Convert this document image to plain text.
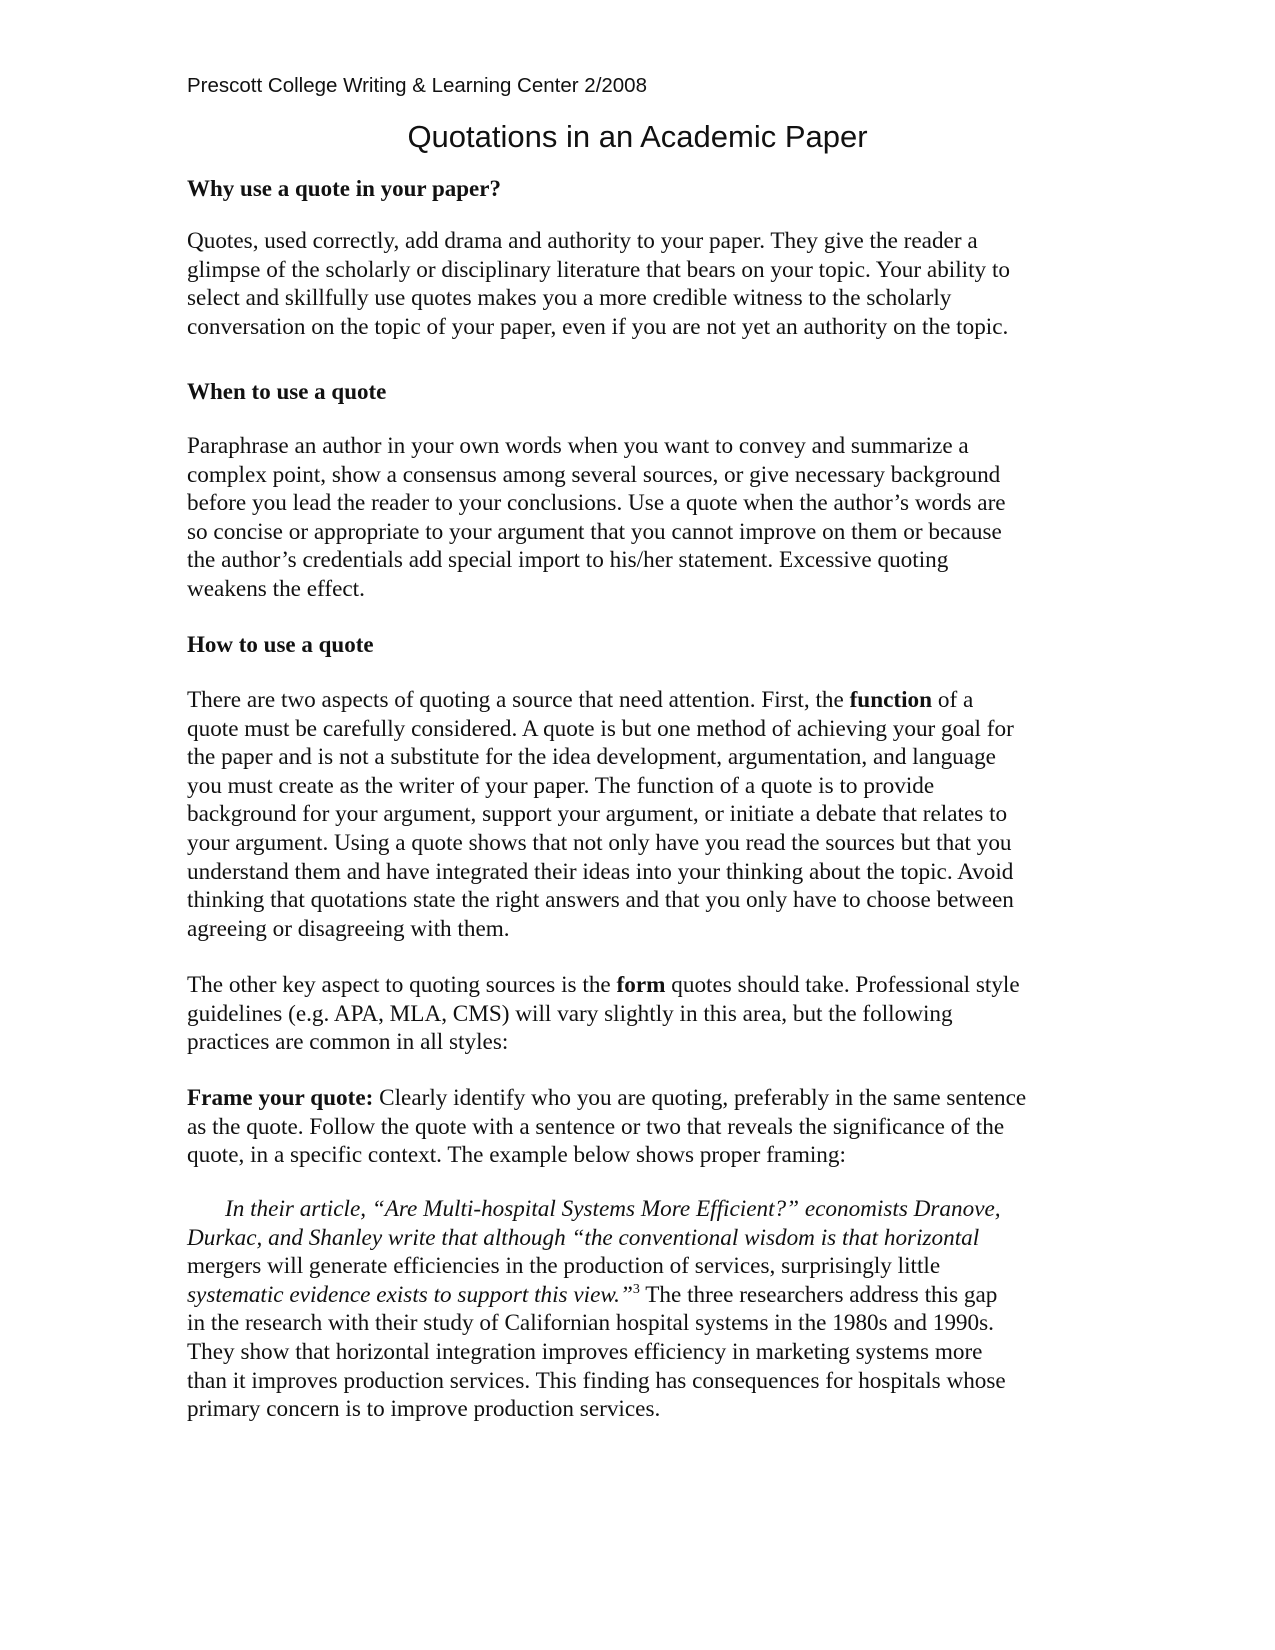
Prescott College Writing & Learning Center 2/2008
Quotations in an Academic Paper
Why use a quote in your paper?

Quotes, used correctly, add drama and authority to your paper. They give the reader a
glimpse of the scholarly or disciplinary literature that bears on your topic. Your ability to
select and skillfully use quotes makes you a more credible witness to the scholarly
conversation on the topic of your paper, even if you are not yet an authority on the topic.

When to use a quote

Paraphrase an author in your own words when you want to convey and summarize a
complex point, show a consensus among several sources, or give necessary background
before you lead the reader to your conclusions. Use a quote when the author’s words are
so concise or appropriate to your argument that you cannot improve on them or because
the author’s credentials add special import to his/her statement. Excessive quoting
weakens the effect.

How to use a quote

There are two aspects of quoting a source that need attention. First, the function of a
quote must be carefully considered. A quote is but one method of achieving your goal for
the paper and is not a substitute for the idea development, argumentation, and language
you must create as the writer of your paper. The function of a quote is to provide
background for your argument, support your argument, or initiate a debate that relates to
your argument. Using a quote shows that not only have you read the sources but that you
understand them and have integrated their ideas into your thinking about the topic. Avoid
thinking that quotations state the right answers and that you only have to choose between
agreeing or disagreeing with them.

The other key aspect to quoting sources is the form quotes should take. Professional style
guidelines (e.g. APA, MLA, CMS) will vary slightly in this area, but the following
practices are common in all styles:

Frame your quote: Clearly identify who you are quoting, preferably in the same sentence
as the quote. Follow the quote with a sentence or two that reveals the significance of the
quote, in a specific context. The example below shows proper framing:

In their article, “Are Multi-hospital Systems More Efficient?” economists Dranove,
Durkac, and Shanley write that although “the conventional wisdom is that horizontal
mergers will generate efficiencies in the production of services, surprisingly little
systematic evidence exists to support this view.”$^3$ The three researchers address this gap
in the research with their study of Californian hospital systems in the 1980s and 1990s.
They show that horizontal integration improves efficiency in marketing systems more
than it improves production services. This finding has consequences for hospitals whose
primary concern is to improve production services.
